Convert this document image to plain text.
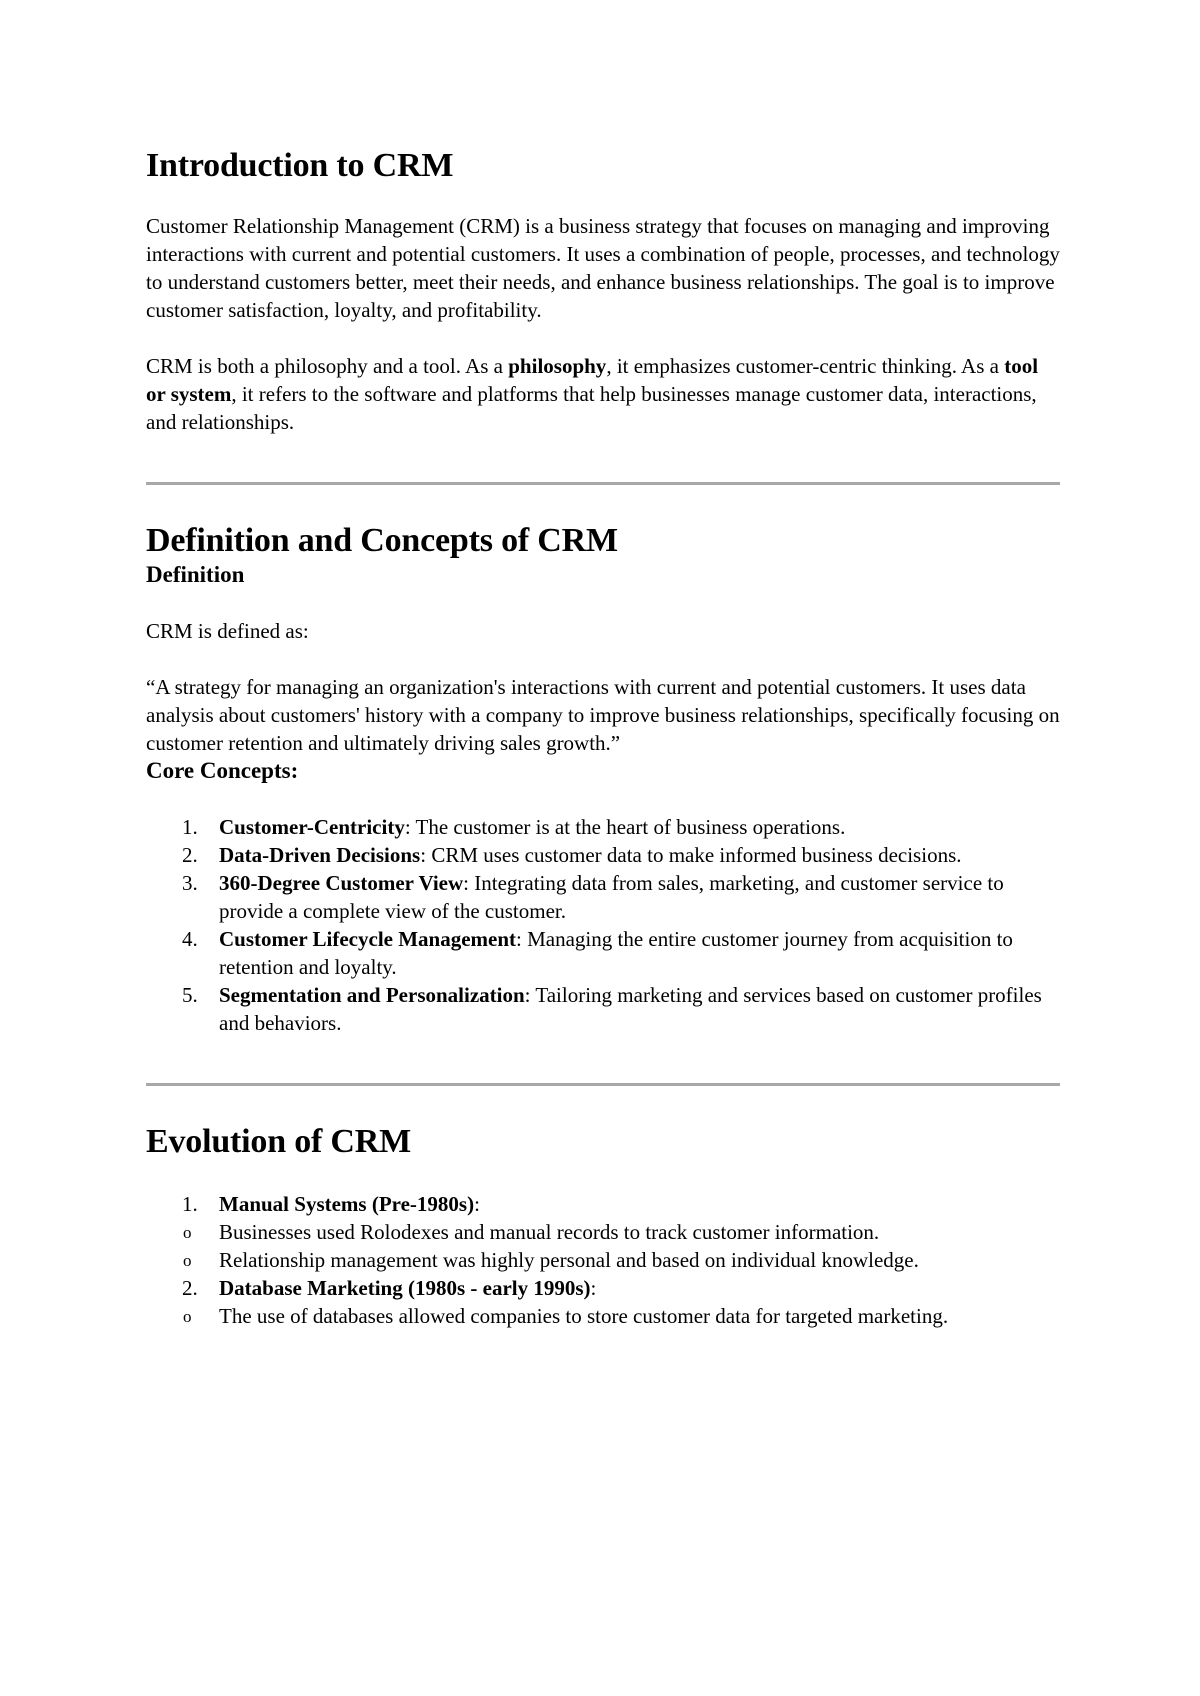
Introduction to CRM

Customer Relationship Management (CRM) is a business strategy that focuses on managing and improving interactions with current and potential customers. It uses a combination of people, processes, and technology to understand customers better, meet their needs, and enhance business relationships. The goal is to improve customer satisfaction, loyalty, and profitability.

CRM is both a philosophy and a tool. As a philosophy, it emphasizes customer-centric thinking. As a tool or system, it refers to the software and platforms that help businesses manage customer data, interactions, and relationships.

Definition and Concepts of CRM
Definition

CRM is defined as:

“A strategy for managing an organization's interactions with current and potential customers. It uses data analysis about customers' history with a company to improve business relationships, specifically focusing on customer retention and ultimately driving sales growth.”

Core Concepts:
1.	Customer-Centricity: The customer is at the heart of business operations.
2.	Data-Driven Decisions: CRM uses customer data to make informed business decisions.
3.	360-Degree Customer View: Integrating data from sales, marketing, and customer service to provide a complete view of the customer.
4.	Customer Lifecycle Management: Managing the entire customer journey from acquisition to retention and loyalty.
5.	Segmentation and Personalization: Tailoring marketing and services based on customer profiles and behaviors.
Evolution of CRM
1.	Manual Systems (Pre-1980s):
o Businesses used Rolodexes and manual records to track customer information.
o Relationship management was highly personal and based on individual knowledge.
2.	Database Marketing (1980s - early 1990s):
o The use of databases allowed companies to store customer data for targeted marketing.
